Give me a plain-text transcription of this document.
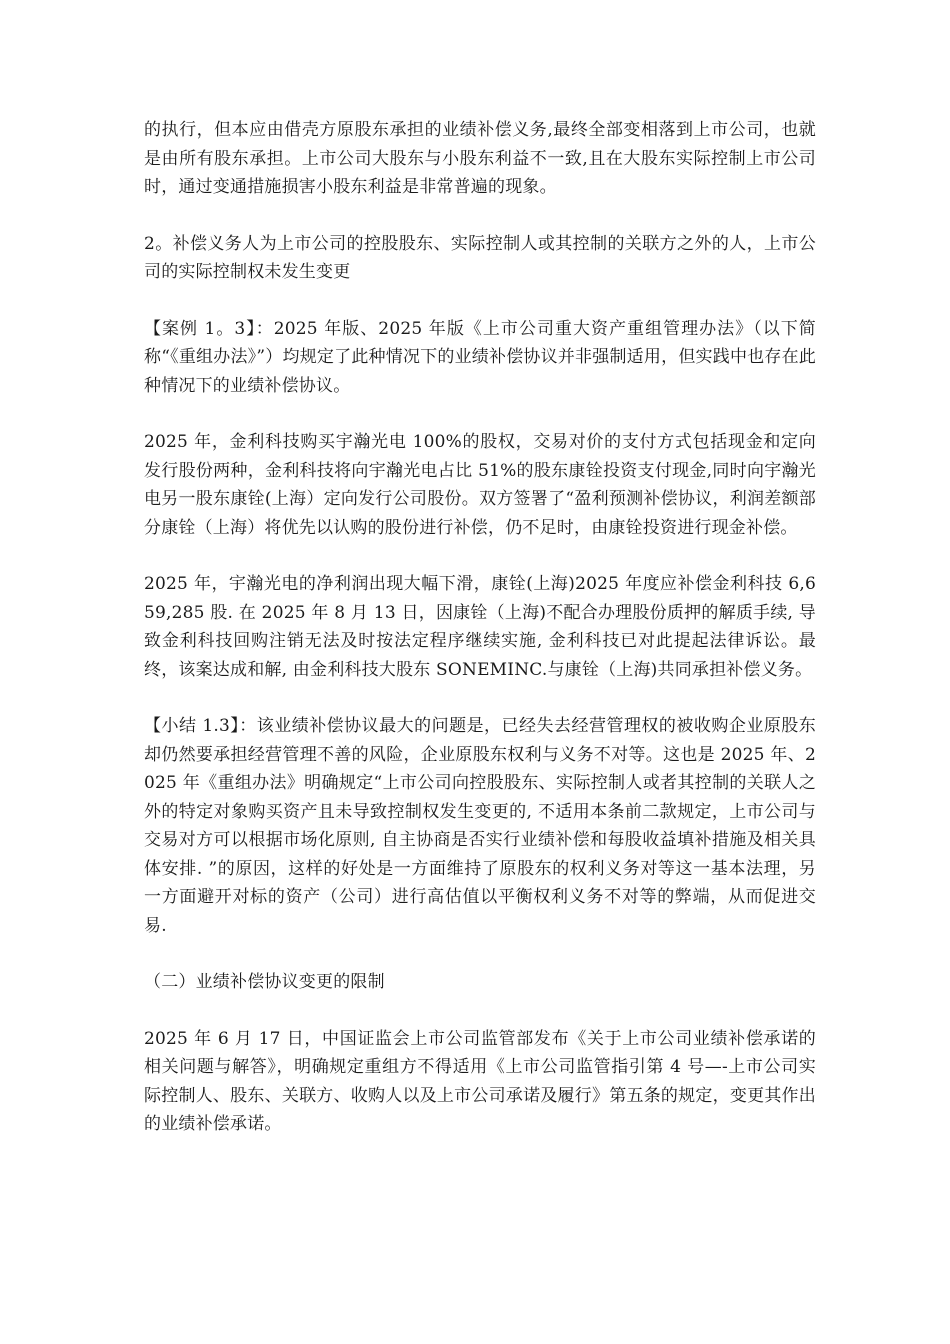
的执行，但本应由借壳方原股东承担的业绩补偿义务,最终全部变相落到上市公司，也就是由所有股东承担。上市公司大股东与小股东利益不一致,且在大股东实际控制上市公司时，通过变通措施损害小股东利益是非常普遍的现象。

2。补偿义务人为上市公司的控股股东、实际控制人或其控制的关联方之外的人，上市公司的实际控制权未发生变更

【案例 1。3】：2025 年版、2025 年版《上市公司重大资产重组管理办法》（以下简称“《重组办法》”）均规定了此种情况下的业绩补偿协议并非强制适用，但实践中也存在此种情况下的业绩补偿协议。

2025 年，金利科技购买宇瀚光电 100%的股权，交易对价的支付方式包括现金和定向发行股份两种，金利科技将向宇瀚光电占比 51%的股东康铨投资支付现金,同时向宇瀚光电另一股东康铨(上海）定向发行公司股份。双方签署了“盈利预测补偿协议，利润差额部分康铨（上海）将优先以认购的股份进行补偿，仍不足时，由康铨投资进行现金补偿。

2025 年，宇瀚光电的净利润出现大幅下滑，康铨(上海)2025 年度应补偿金利科技 6,659,285 股. 在 2025 年 8 月 13 日，因康铨（上海)不配合办理股份质押的解质手续, 导致金利科技回购注销无法及时按法定程序继续实施, 金利科技已对此提起法律诉讼。最终，该案达成和解, 由金利科技大股东 SONEMINC.与康铨（上海)共同承担补偿义务。

【小结 1.3】：该业绩补偿协议最大的问题是，已经失去经营管理权的被收购企业原股东却仍然要承担经营管理不善的风险，企业原股东权利与义务不对等。这也是 2025 年、2025 年《重组办法》明确规定“上市公司向控股股东、实际控制人或者其控制的关联人之外的特定对象购买资产且未导致控制权发生变更的, 不适用本条前二款规定，上市公司与交易对方可以根据市场化原则, 自主协商是否实行业绩补偿和每股收益填补措施及相关具体安排. ”的原因，这样的好处是一方面维持了原股东的权利义务对等这一基本法理，另一方面避开对标的资产（公司）进行高估值以平衡权利义务不对等的弊端，从而促进交易.

（二）业绩补偿协议变更的限制

2025 年 6 月 17 日，中国证监会上市公司监管部发布《关于上市公司业绩补偿承诺的相关问题与解答》，明确规定重组方不得适用《上市公司监管指引第 4 号—-上市公司实际控制人、股东、关联方、收购人以及上市公司承诺及履行》第五条的规定，变更其作出的业绩补偿承诺。
